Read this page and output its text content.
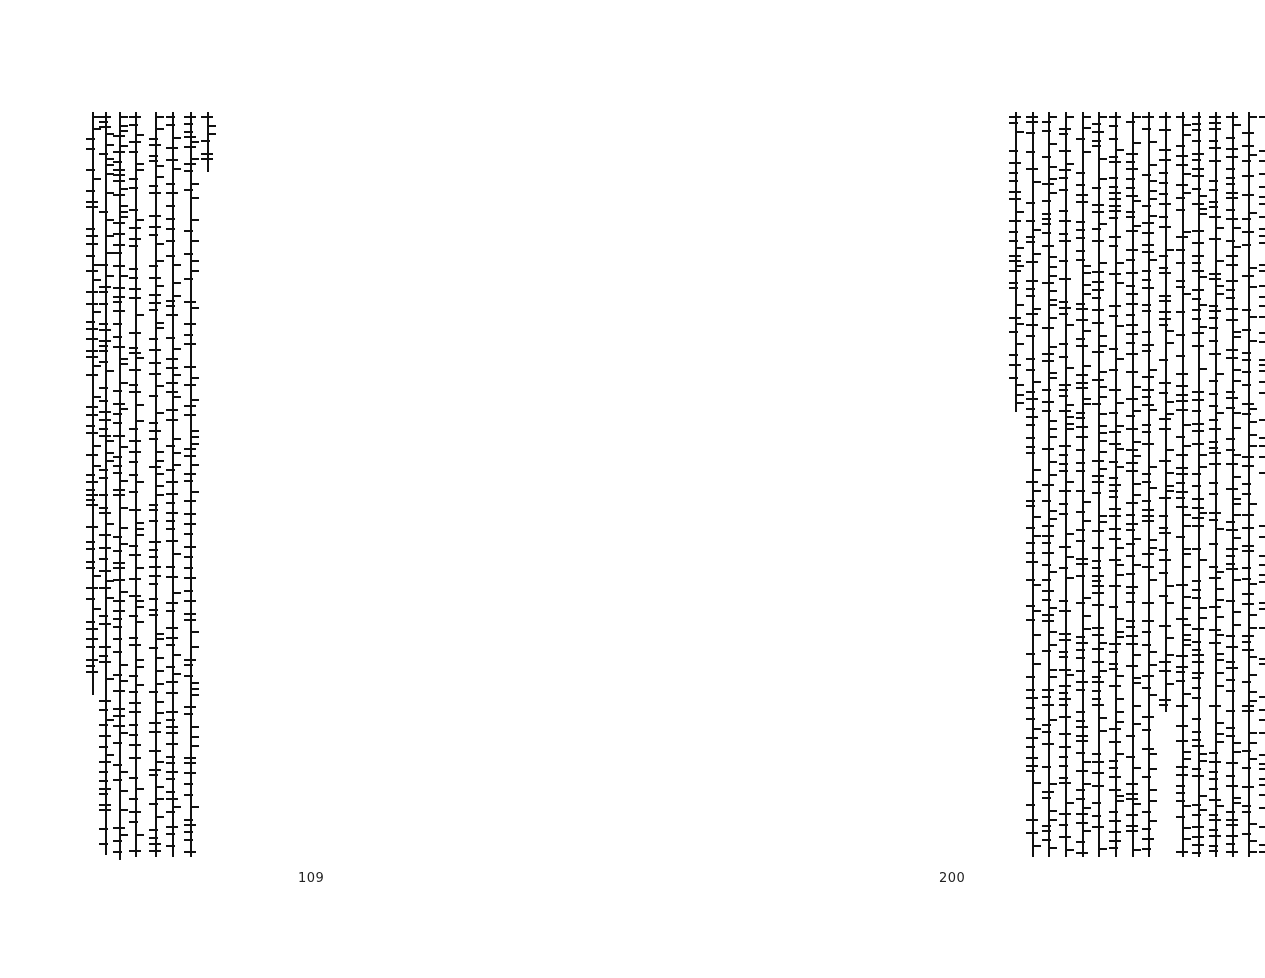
109	200
